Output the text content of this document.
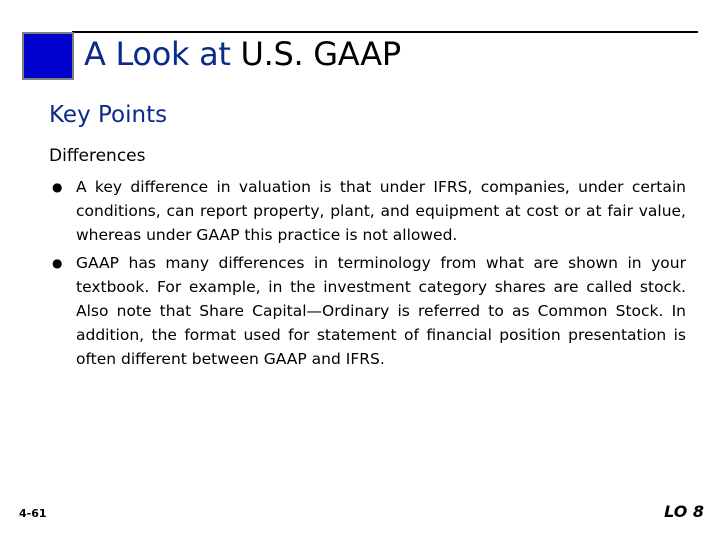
A Look at U.S. GAAP
Key Points
Differences
● A key difference in valuation is that under IFRS, companies, under certain conditions, can report property, plant, and equipment at cost or at fair value, whereas under GAAP this practice is not allowed.
● GAAP has many differences in terminology from what are shown in your textbook. For example, in the investment category shares are called stock. Also note that Share Capital—Ordinary is referred to as Common Stock. In addition, the format used for statement of financial position presentation is often different between GAAP and IFRS.
4-61	LO 8
